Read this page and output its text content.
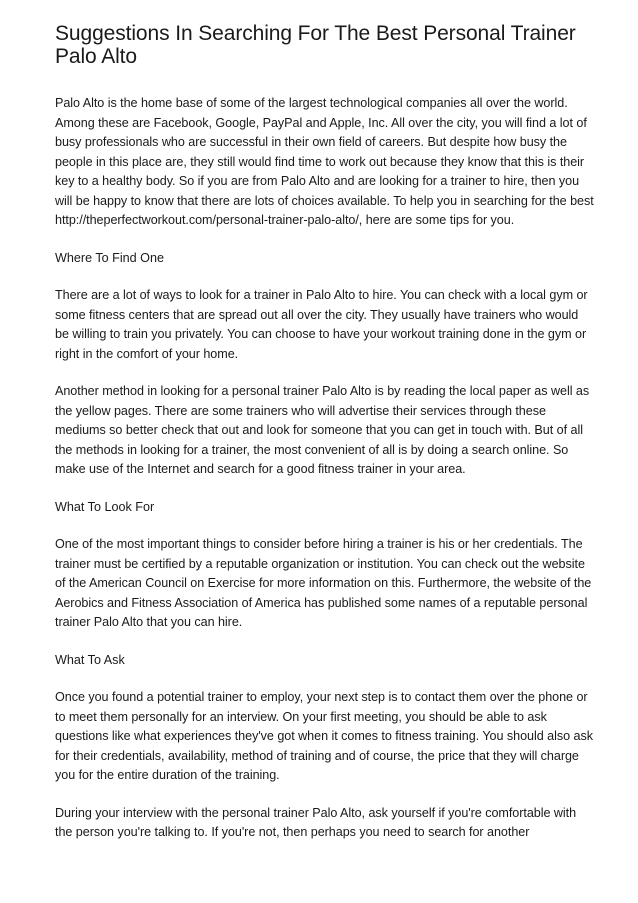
Suggestions In Searching For The Best Personal Trainer Palo Alto

Palo Alto is the home base of some of the largest technological companies all over the world. Among these are Facebook, Google, PayPal and Apple, Inc. All over the city, you will find a lot of busy professionals who are successful in their own field of careers. But despite how busy the people in this place are, they still would find time to work out because they know that this is their key to a healthy body. So if you are from Palo Alto and are looking for a trainer to hire, then you will be happy to know that there are lots of choices available. To help you in searching for the best http://theperfectworkout.com/personal-trainer-palo-alto/, here are some tips for you.

Where To Find One

There are a lot of ways to look for a trainer in Palo Alto to hire. You can check with a local gym or some fitness centers that are spread out all over the city. They usually have trainers who would be willing to train you privately. You can choose to have your workout training done in the gym or right in the comfort of your home.

Another method in looking for a personal trainer Palo Alto is by reading the local paper as well as the yellow pages. There are some trainers who will advertise their services through these mediums so better check that out and look for someone that you can get in touch with. But of all the methods in looking for a trainer, the most convenient of all is by doing a search online. So make use of the Internet and search for a good fitness trainer in your area.

What To Look For

One of the most important things to consider before hiring a trainer is his or her credentials. The trainer must be certified by a reputable organization or institution. You can check out the website of the American Council on Exercise for more information on this. Furthermore, the website of the Aerobics and Fitness Association of America has published some names of a reputable personal trainer Palo Alto that you can hire.

What To Ask

Once you found a potential trainer to employ, your next step is to contact them over the phone or to meet them personally for an interview. On your first meeting, you should be able to ask questions like what experiences they've got when it comes to fitness training. You should also ask for their credentials, availability, method of training and of course, the price that they will charge you for the entire duration of the training.

During your interview with the personal trainer Palo Alto, ask yourself if you're comfortable with the person you're talking to. If you're not, then perhaps you need to search for another
